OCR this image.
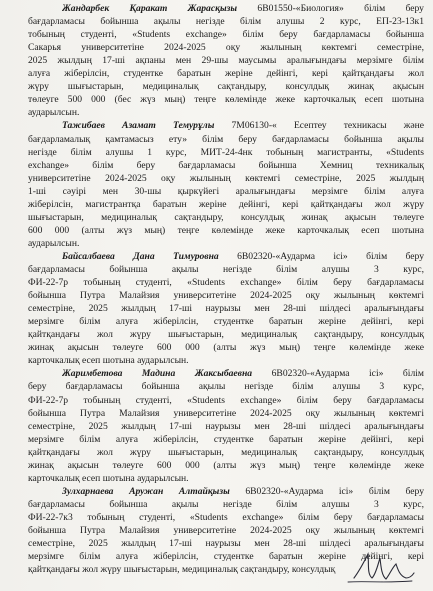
Жандарбек Қаракат Жарасқызы 6В01550-«Биология» білім беру
бағдарламасы бойынша ақылы негізде білім алушы 2 курс, ЕП-23-13к1
тобының студенті, «Students exchange» білім беру бағдарламасы бойынша
Сакарья университетіне 2024-2025 оқу жылының көктемгі семестріне,
2025 жылдың 17-ші ақпаны мен 29-шы маусымы аралығындағы мерзімге білім
алуға жіберілсін, студентке баратын жеріне дейінгі, кері қайтқандағы жол
жүру шығыстарын, медициналық сақтандыру, консулдық жинақ ақысын
төлеуге 500 000 (бес жүз мың) теңге көлемінде жеке карточкалық есеп шотына
аударылсын.
Тажибаев Азамат Темурұлы 7М06130-« Есептеу техникасы және
бағдарламалық қамтамасыз ету» білім беру бағдарламасы бойынша ақылы
негізде білім алушы 1 курс, МИТ-24-4нк тобының магистранты, «Students
exchange» білім беру бағдарламасы бойынша Хемниц техникалық
университетіне 2024-2025 оқу жылының көктемгі семестріне, 2025 жылдың
1-ші сәуірі мен 30-шы қыркүйегі аралығындағы мерзімге білім алуға
жіберілсін, магистрантқа баратын жеріне дейінгі, кері қайтқандағы жол жүру
шығыстарын, медициналық сақтандыру, консулдық жинақ ақысын төлеуге
600 000 (алты жүз мың) теңге көлемінде жеке карточкалық есеп шотына
аударылсын.
Байсалбаева Дана Тимуровна 6В02320-«Аударма ісі» білім беру
бағдарламасы бойынша ақылы негізде білім алушы 3 курс,
ФИ-22-7р тобының студенті, «Students exchange» білім беру бағдарламасы
бойынша Путра Малайзия университетіне 2024-2025 оқу жылының көктемгі
семестріне, 2025 жылдың 17-ші наурызы мен 28-ші шілдесі аралығындағы
мерзімге білім алуға жіберілсін, студентке баратын жеріне дейінгі, кері
қайтқандағы жол жүру шығыстарын, медициналық сақтандыру, консулдық
жинақ ақысын төлеуге 600 000 (алты жүз мың) теңге көлемінде жеке
карточкалық есеп шотына аударылсын.
Жаримбетова Мадина Жаксыбаевна 6В02320-«Аударма ісі» білім
беру бағдарламасы бойынша ақылы негізде білім алушы 3 курс,
ФИ-22-7р тобының студенті, «Students exchange» білім беру бағдарламасы
бойынша Путра Малайзия университетіне 2024-2025 оқу жылының көктемгі
семестріне, 2025 жылдың 17-ші наурызы мен 28-ші шілдесі аралығындағы
мерзімге білім алуға жіберілсін, студентке баратын жеріне дейінгі, кері
қайтқандағы жол жүру шығыстарын, медициналық сақтандыру, консулдық
жинақ ақысын төлеуге 600 000 (алты жүз мың) теңге көлемінде жеке
карточкалық есеп шотына аударылсын.
Зулхарнаева Аружан Алтайқызы 6В02320-«Аударма ісі» білім беру
бағдарламасы бойынша ақылы негізде білім алушы 3 курс,
ФИ-22-7к3 тобының студенті, «Students exchange» білім беру бағдарламасы
бойынша Путра Малайзия университетіне 2024-2025 оқу жылының көктемгі
семестріне, 2025 жылдың 17-ші наурызы мен 28-ші шілдесі аралығындағы
мерзімге білім алуға жіберілсін, студентке баратын жеріне дейінгі, кері
қайтқандағы жол жүру шығыстарын, медициналық сақтандыру, консулдық
